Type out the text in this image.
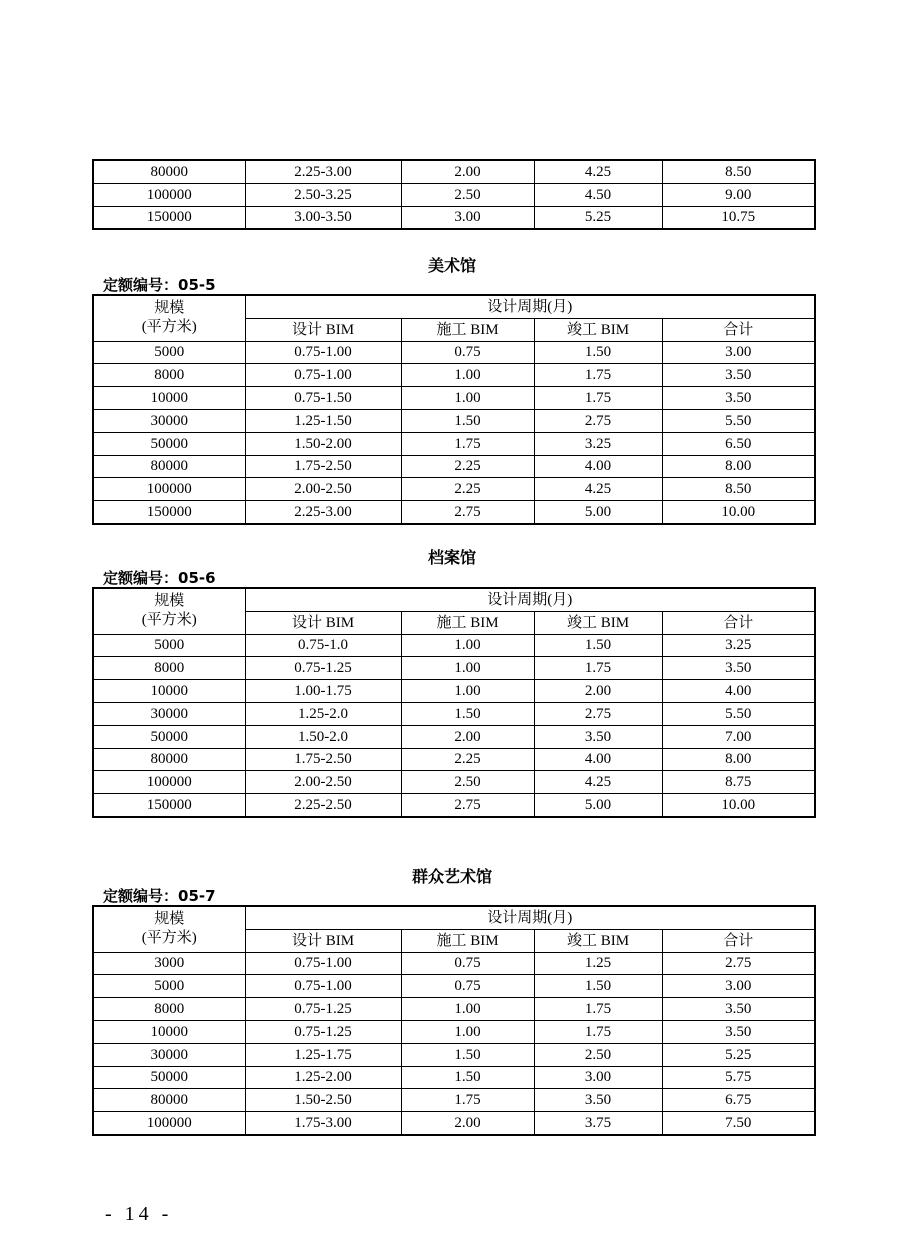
80000	2.25-3.00	2.00	4.25	8.50
100000	2.50-3.25	2.50	4.50	9.00
150000	3.00-3.50	3.00	5.25	10.75
美术馆
定额编号：05-5
规模
(平方米)	设计周期(月)			
	设计 BIM	施工 BIM	竣工 BIM	合计
5000	0.75-1.00	0.75	1.50	3.00
8000	0.75-1.00	1.00	1.75	3.50
10000	0.75-1.50	1.00	1.75	3.50
30000	1.25-1.50	1.50	2.75	5.50
50000	1.50-2.00	1.75	3.25	6.50
80000	1.75-2.50	2.25	4.00	8.00
100000	2.00-2.50	2.25	4.25	8.50
150000	2.25-3.00	2.75	5.00	10.00
档案馆
定额编号：05-6
规模
(平方米)	设计周期(月)			
	设计 BIM	施工 BIM	竣工 BIM	合计
5000	0.75-1.0	1.00	1.50	3.25
8000	0.75-1.25	1.00	1.75	3.50
10000	1.00-1.75	1.00	2.00	4.00
30000	1.25-2.0	1.50	2.75	5.50
50000	1.50-2.0	2.00	3.50	7.00
80000	1.75-2.50	2.25	4.00	8.00
100000	2.00-2.50	2.50	4.25	8.75
150000	2.25-2.50	2.75	5.00	10.00
群众艺术馆
定额编号：05-7
规模
(平方米)	设计周期(月)			
	设计 BIM	施工 BIM	竣工 BIM	合计
3000	0.75-1.00	0.75	1.25	2.75
5000	0.75-1.00	0.75	1.50	3.00
8000	0.75-1.25	1.00	1.75	3.50
10000	0.75-1.25	1.00	1.75	3.50
30000	1.25-1.75	1.50	2.50	5.25
50000	1.25-2.00	1.50	3.00	5.75
80000	1.50-2.50	1.75	3.50	6.75
100000	1.75-3.00	2.00	3.75	7.50
- 14 -
